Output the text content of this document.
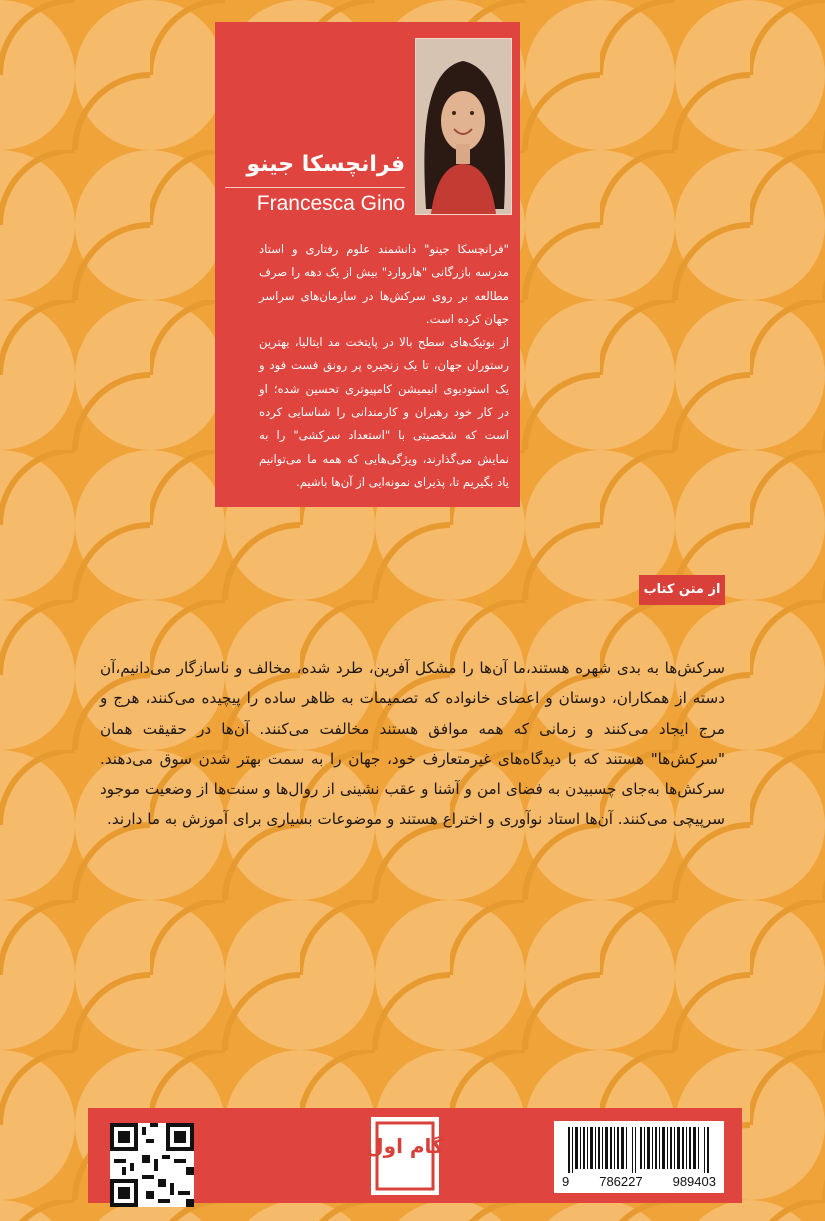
فرانچسکا جینو
Francesca Gino

"فرانچسکا جینو" دانشمند علوم رفتاری و استاد مدرسه بازرگانی "هاروارد" بیش از یک دهه را صرف مطالعه بر روی سرکش‌ها در سازمان‌های سراسر جهان کرده است.

از بوتیک‌های سطح بالا در پایتخت مد ایتالیا، بهترین رستوران جهان، تا یک زنجیره پر رونق فست فود و یک استودیوی انیمیشن کامپیوتری تحسین شده؛ او در کار خود رهبران و کارمندانی را شناسایی کرده است که شخصیتی با "استعداد سرکشی" را به نمایش می‌گذارند، ویژگی‌هایی که همه ما می‌توانیم یاد بگیریم تا، پذیرای نمونه‌ایی از آن‌ها باشیم.

از متن کتاب

سرکش‌ها به بدی شهره هستند،ما آن‌ها را مشکل آفرین، طرد شده، مخالف و ناسازگار می‌دانیم،آن دسته از همکاران، دوستان و اعضای خانواده که تصمیمات به ظاهر ساده را پیچیده می‌کنند، هرج و مرج ایجاد می‌کنند و زمانی که همه موافق هستند مخالفت می‌کنند. آن‌ها در حقیقت همان "سرکش‌ها" هستند که با دیدگاه‌های غیرمتعارف خود، جهان را به سمت بهتر شدن سوق می‌دهند. سرکش‌ها به‌جای چسبیدن به فضای امن و آشنا و عقب نشینی از روال‌ها و سنت‌ها از وضعیت موجود سرپیچی می‌کنند. آن‌ها استاد نوآوری و اختراع هستند و موضوعات بسیاری برای آموزش به ما دارند.

گام اول
9 786227 989403
